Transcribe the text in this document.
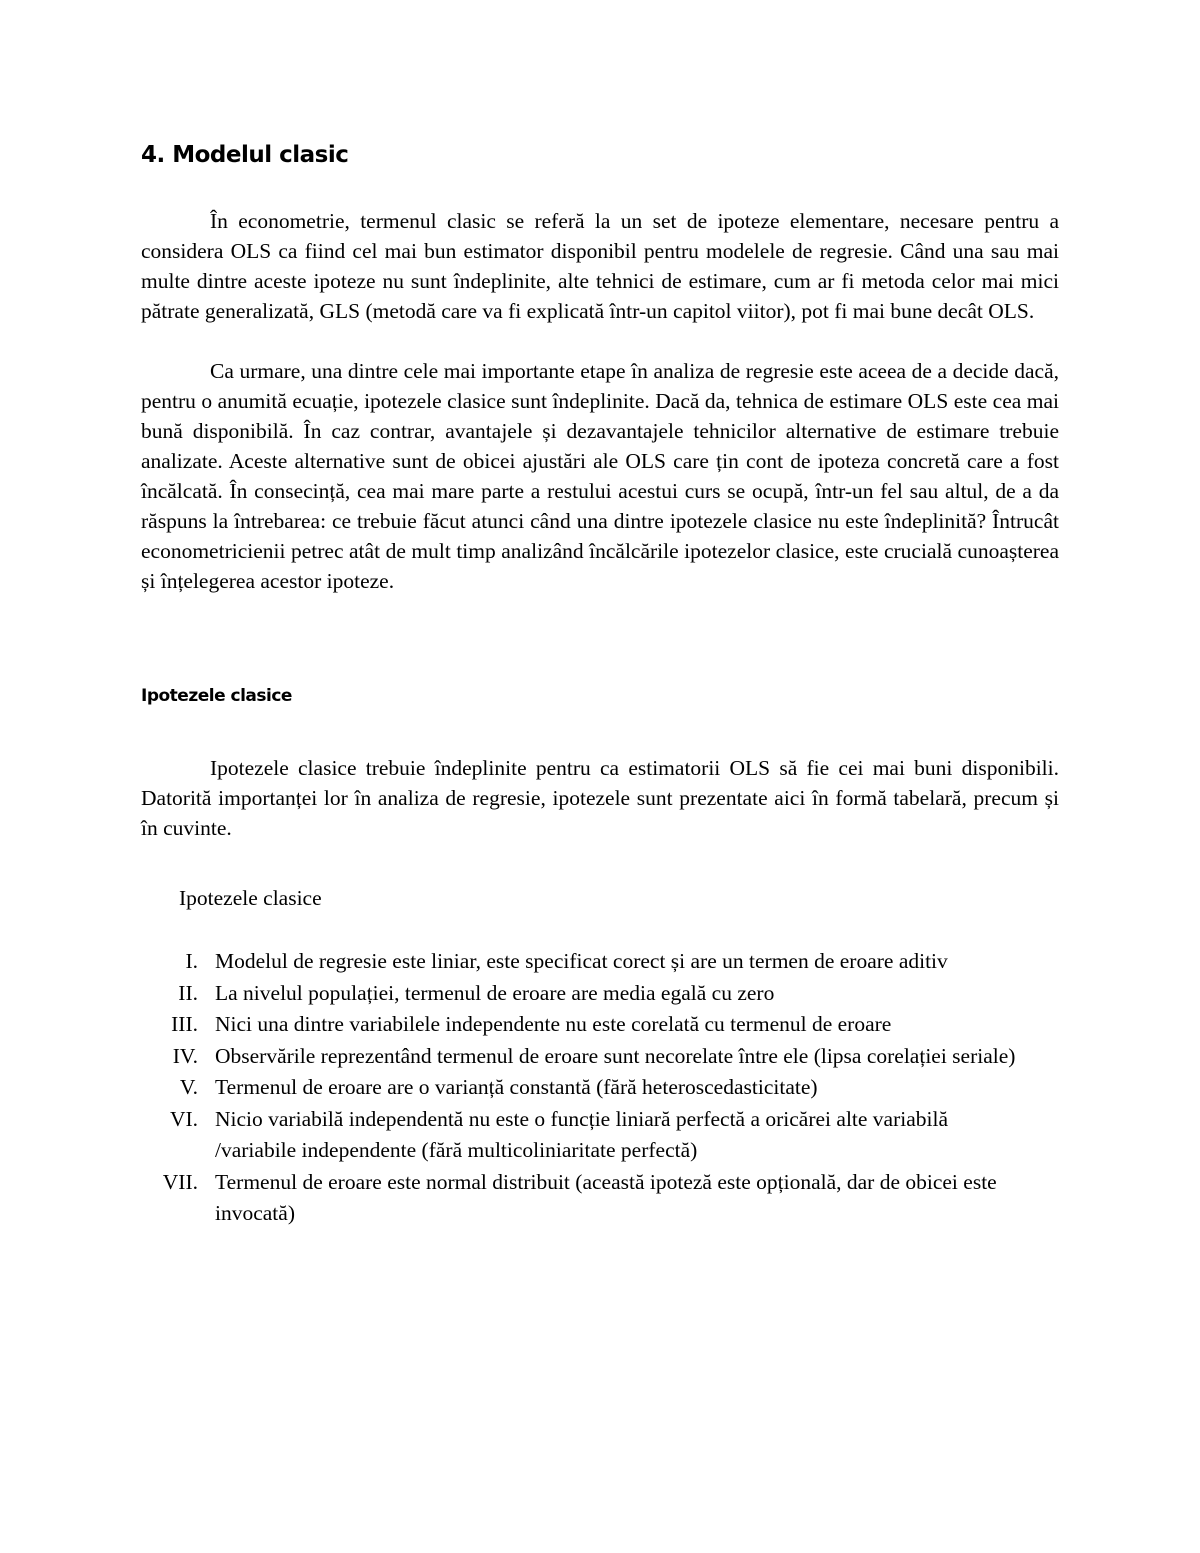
4. Modelul clasic

În econometrie, termenul clasic se referă la un set de ipoteze elementare, necesare pentru a considera OLS ca fiind cel mai bun estimator disponibil pentru modelele de regresie. Când una sau mai multe dintre aceste ipoteze nu sunt îndeplinite, alte tehnici de estimare, cum ar fi metoda celor mai mici pătrate generalizată, GLS (metodă care va fi explicată într-un capitol viitor), pot fi mai bune decât OLS.

Ca urmare, una dintre cele mai importante etape în analiza de regresie este aceea de a decide dacă, pentru o anumită ecuație, ipotezele clasice sunt îndeplinite. Dacă da, tehnica de estimare OLS este cea mai bună disponibilă. În caz contrar, avantajele și dezavantajele tehnicilor alternative de estimare trebuie analizate. Aceste alternative sunt de obicei ajustări ale OLS care țin cont de ipoteza concretă care a fost încălcată. În consecință, cea mai mare parte a restului acestui curs se ocupă, într-un fel sau altul, de a da răspuns la întrebarea: ce trebuie făcut atunci când una dintre ipotezele clasice nu este îndeplinită? Întrucât econometricienii petrec atât de mult timp analizând încălcările ipotezelor clasice, este crucială cunoașterea și înțelegerea acestor ipoteze.

Ipotezele clasice

Ipotezele clasice trebuie îndeplinite pentru ca estimatorii OLS să fie cei mai buni disponibili. Datorită importanței lor în analiza de regresie, ipotezele sunt prezentate aici în formă tabelară, precum și în cuvinte.

Ipotezele clasice

I. Modelul de regresie este liniar, este specificat corect și are un termen de eroare aditiv
II. La nivelul populației, termenul de eroare are media egală cu zero
III. Nici una dintre variabilele independente nu este corelată cu termenul de eroare
IV. Observările reprezentând termenul de eroare sunt necorelate între ele (lipsa corelației seriale)
V. Termenul de eroare are o varianță constantă (fără heteroscedasticitate)
VI. Nicio variabilă independentă nu este o funcție liniară perfectă a oricărei alte variabilă /variabile independente (fără multicoliniaritate perfectă)
VII. Termenul de eroare este normal distribuit (această ipoteză este opțională, dar de obicei este invocată)
